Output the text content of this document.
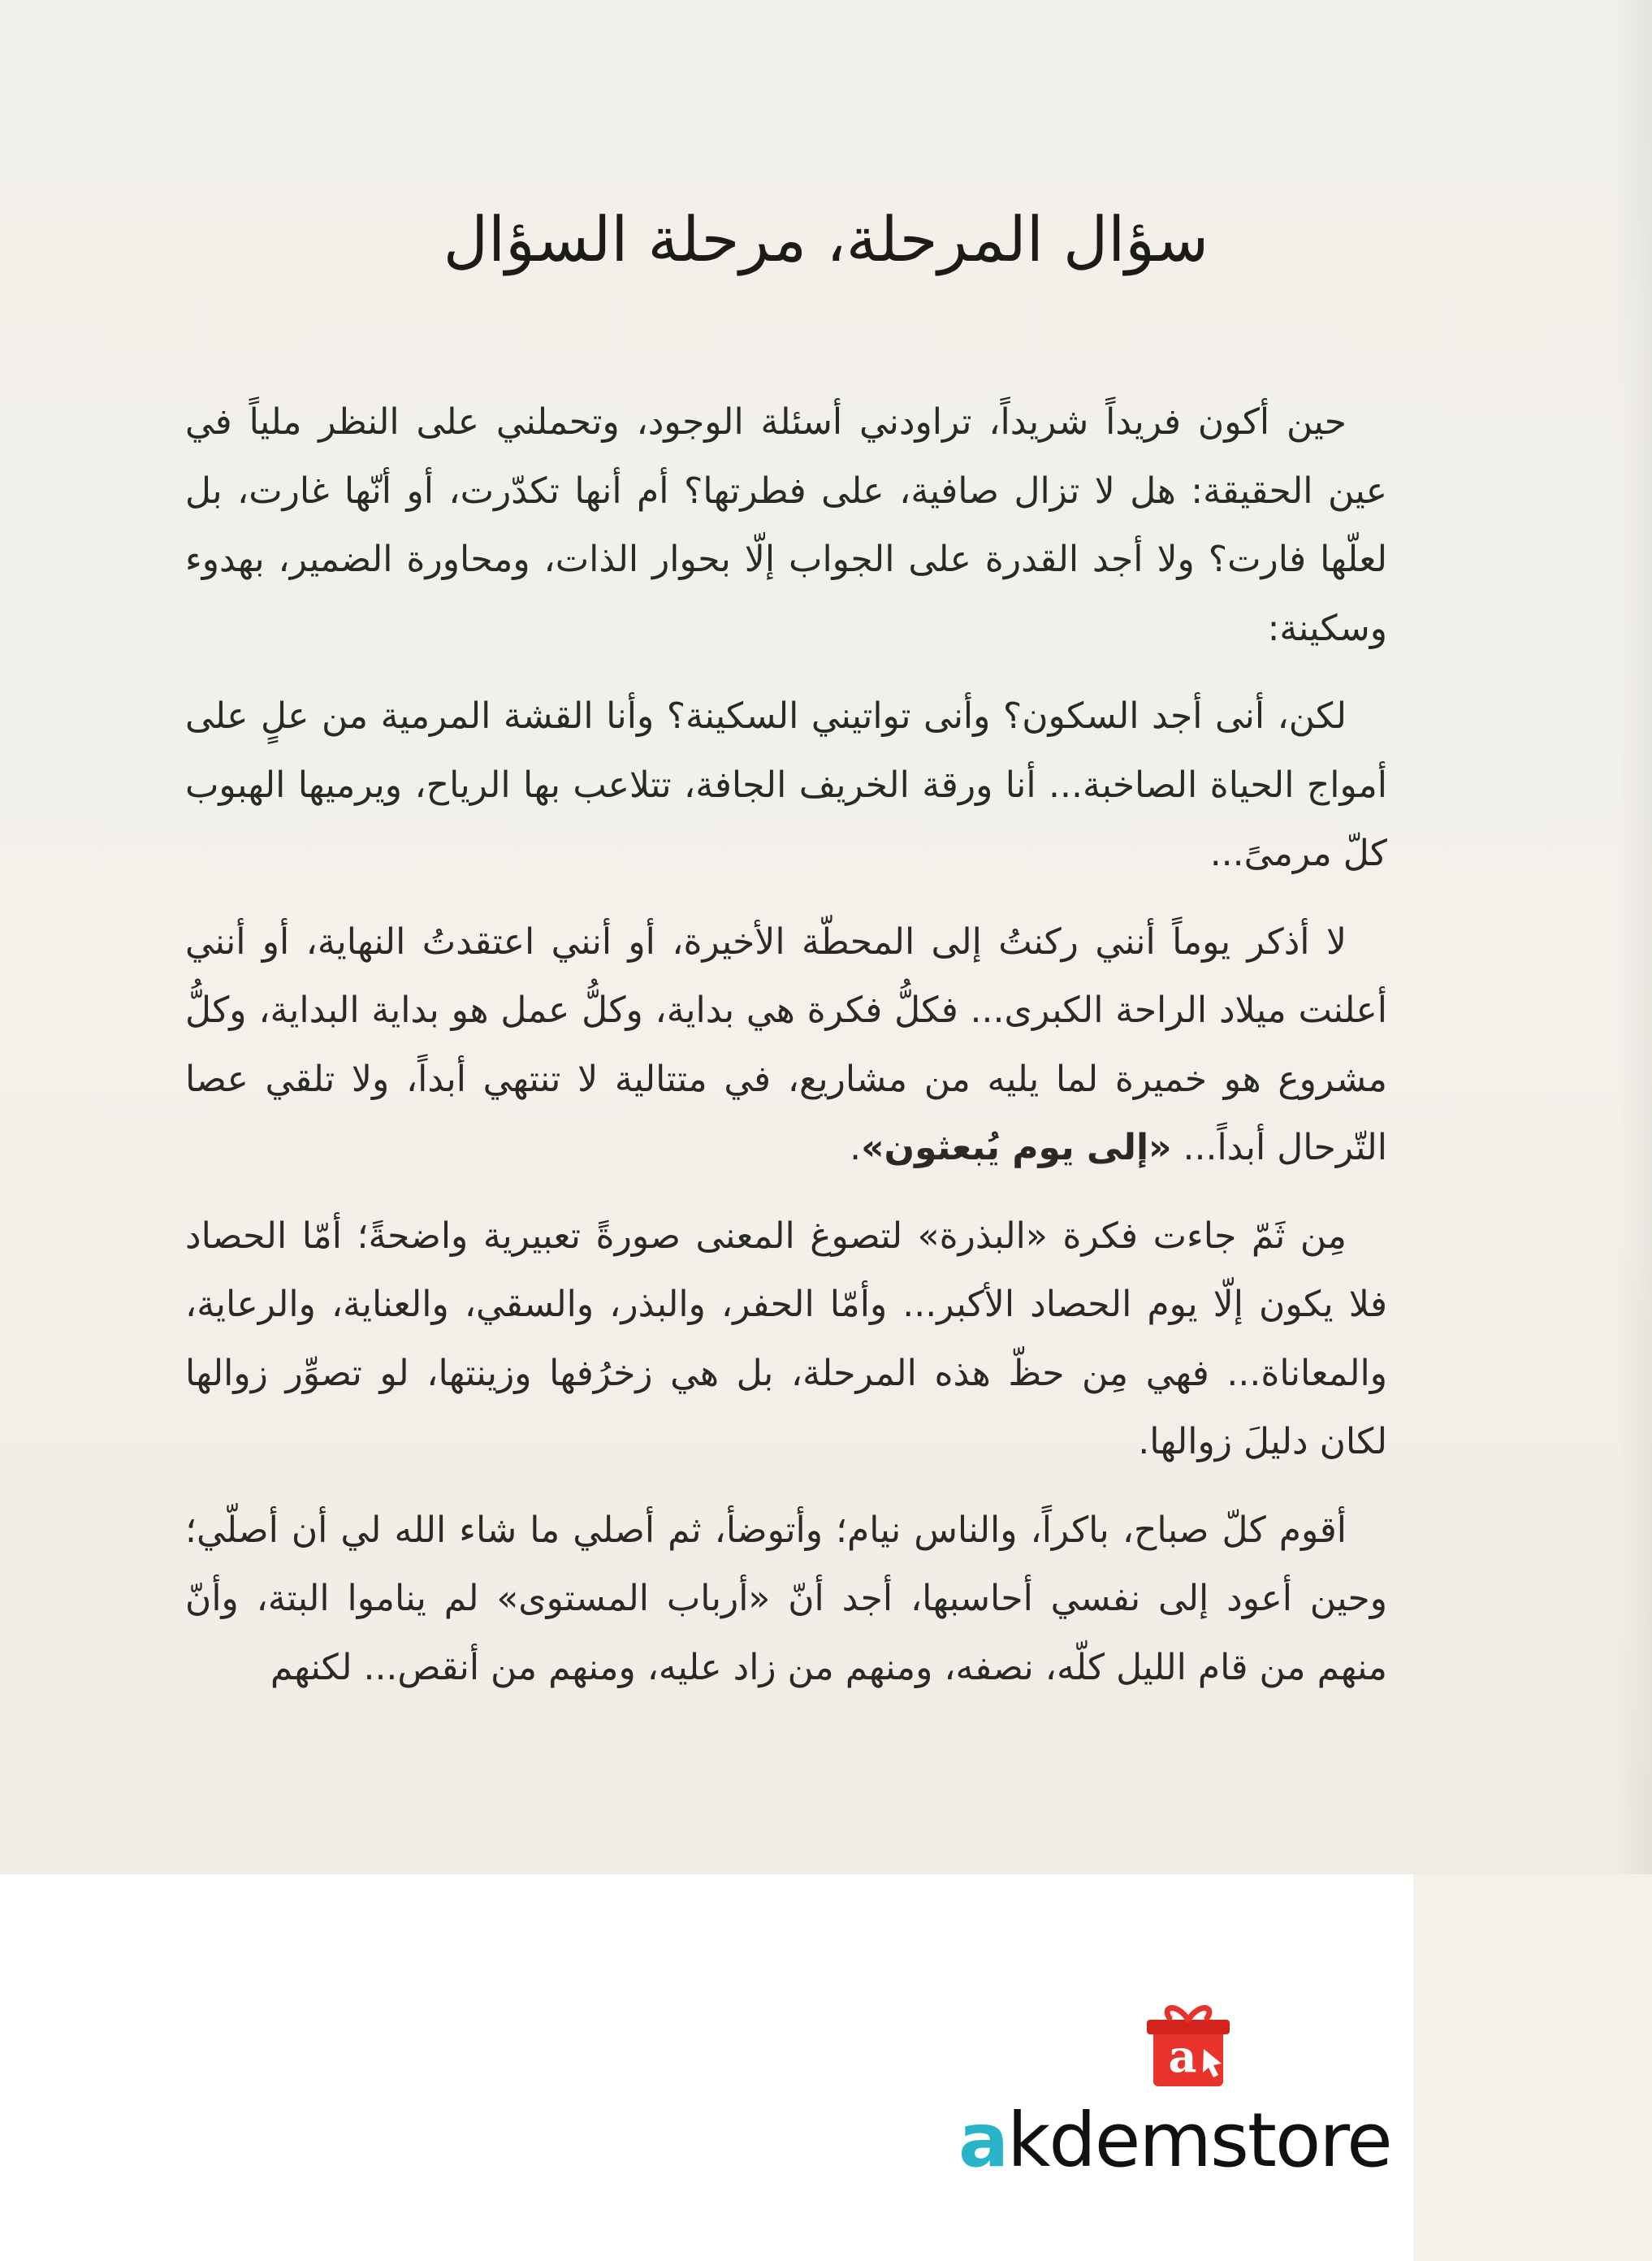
سؤال المرحلة، مرحلة السؤال

حين أكون فريداً شريداً، تراودني أسئلة الوجود، وتحملني على النظر ملياً في عين الحقيقة: هل لا تزال صافية، على فطرتها؟ أم أنها تكدّرت، أو أنّها غارت، بل لعلّها فارت؟ ولا أجد القدرة على الجواب إلّا بحوار الذات، ومحاورة الضمير، بهدوء وسكينة:

لكن، أنى أجد السكون؟ وأنى تواتيني السكينة؟ وأنا القشة المرمية من علٍ على أمواج الحياة الصاخبة... أنا ورقة الخريف الجافة، تتلاعب بها الرياح، ويرميها الهبوب كلّ مرمىً...

لا أذكر يوماً أنني ركنتُ إلى المحطّة الأخيرة، أو أنني اعتقدتُ النهاية، أو أنني أعلنت ميلاد الراحة الكبرى... فكلُّ فكرة هي بداية، وكلُّ عمل هو بداية البداية، وكلُّ مشروع هو خميرة لما يليه من مشاريع، في متتالية لا تنتهي أبداً، ولا تلقي عصا التّرحال أبداً... «إلى يوم يُبعثون».

مِن ثَمّ جاءت فكرة «البذرة» لتصوغ المعنى صورةً تعبيرية واضحةً؛ أمّا الحصاد فلا يكون إلّا يوم الحصاد الأكبر... وأمّا الحفر، والبذر، والسقي، والعناية، والرعاية، والمعاناة... فهي مِن حظّ هذه المرحلة، بل هي زخرُفها وزينتها، لو تصوِّر زوالها لكان دليلَ زوالها.

أقوم كلّ صباح، باكراً، والناس نيام؛ وأتوضأ، ثم أصلي ما شاء الله لي أن أصلّي؛ وحين أعود إلى نفسي أحاسبها، أجد أنّ «أرباب المستوى» لم يناموا البتة، وأنّ منهم من قام الليل كلّه، نصفه، ومنهم من زاد عليه، ومنهم من أنقص... لكنهم

a
akdemstore
